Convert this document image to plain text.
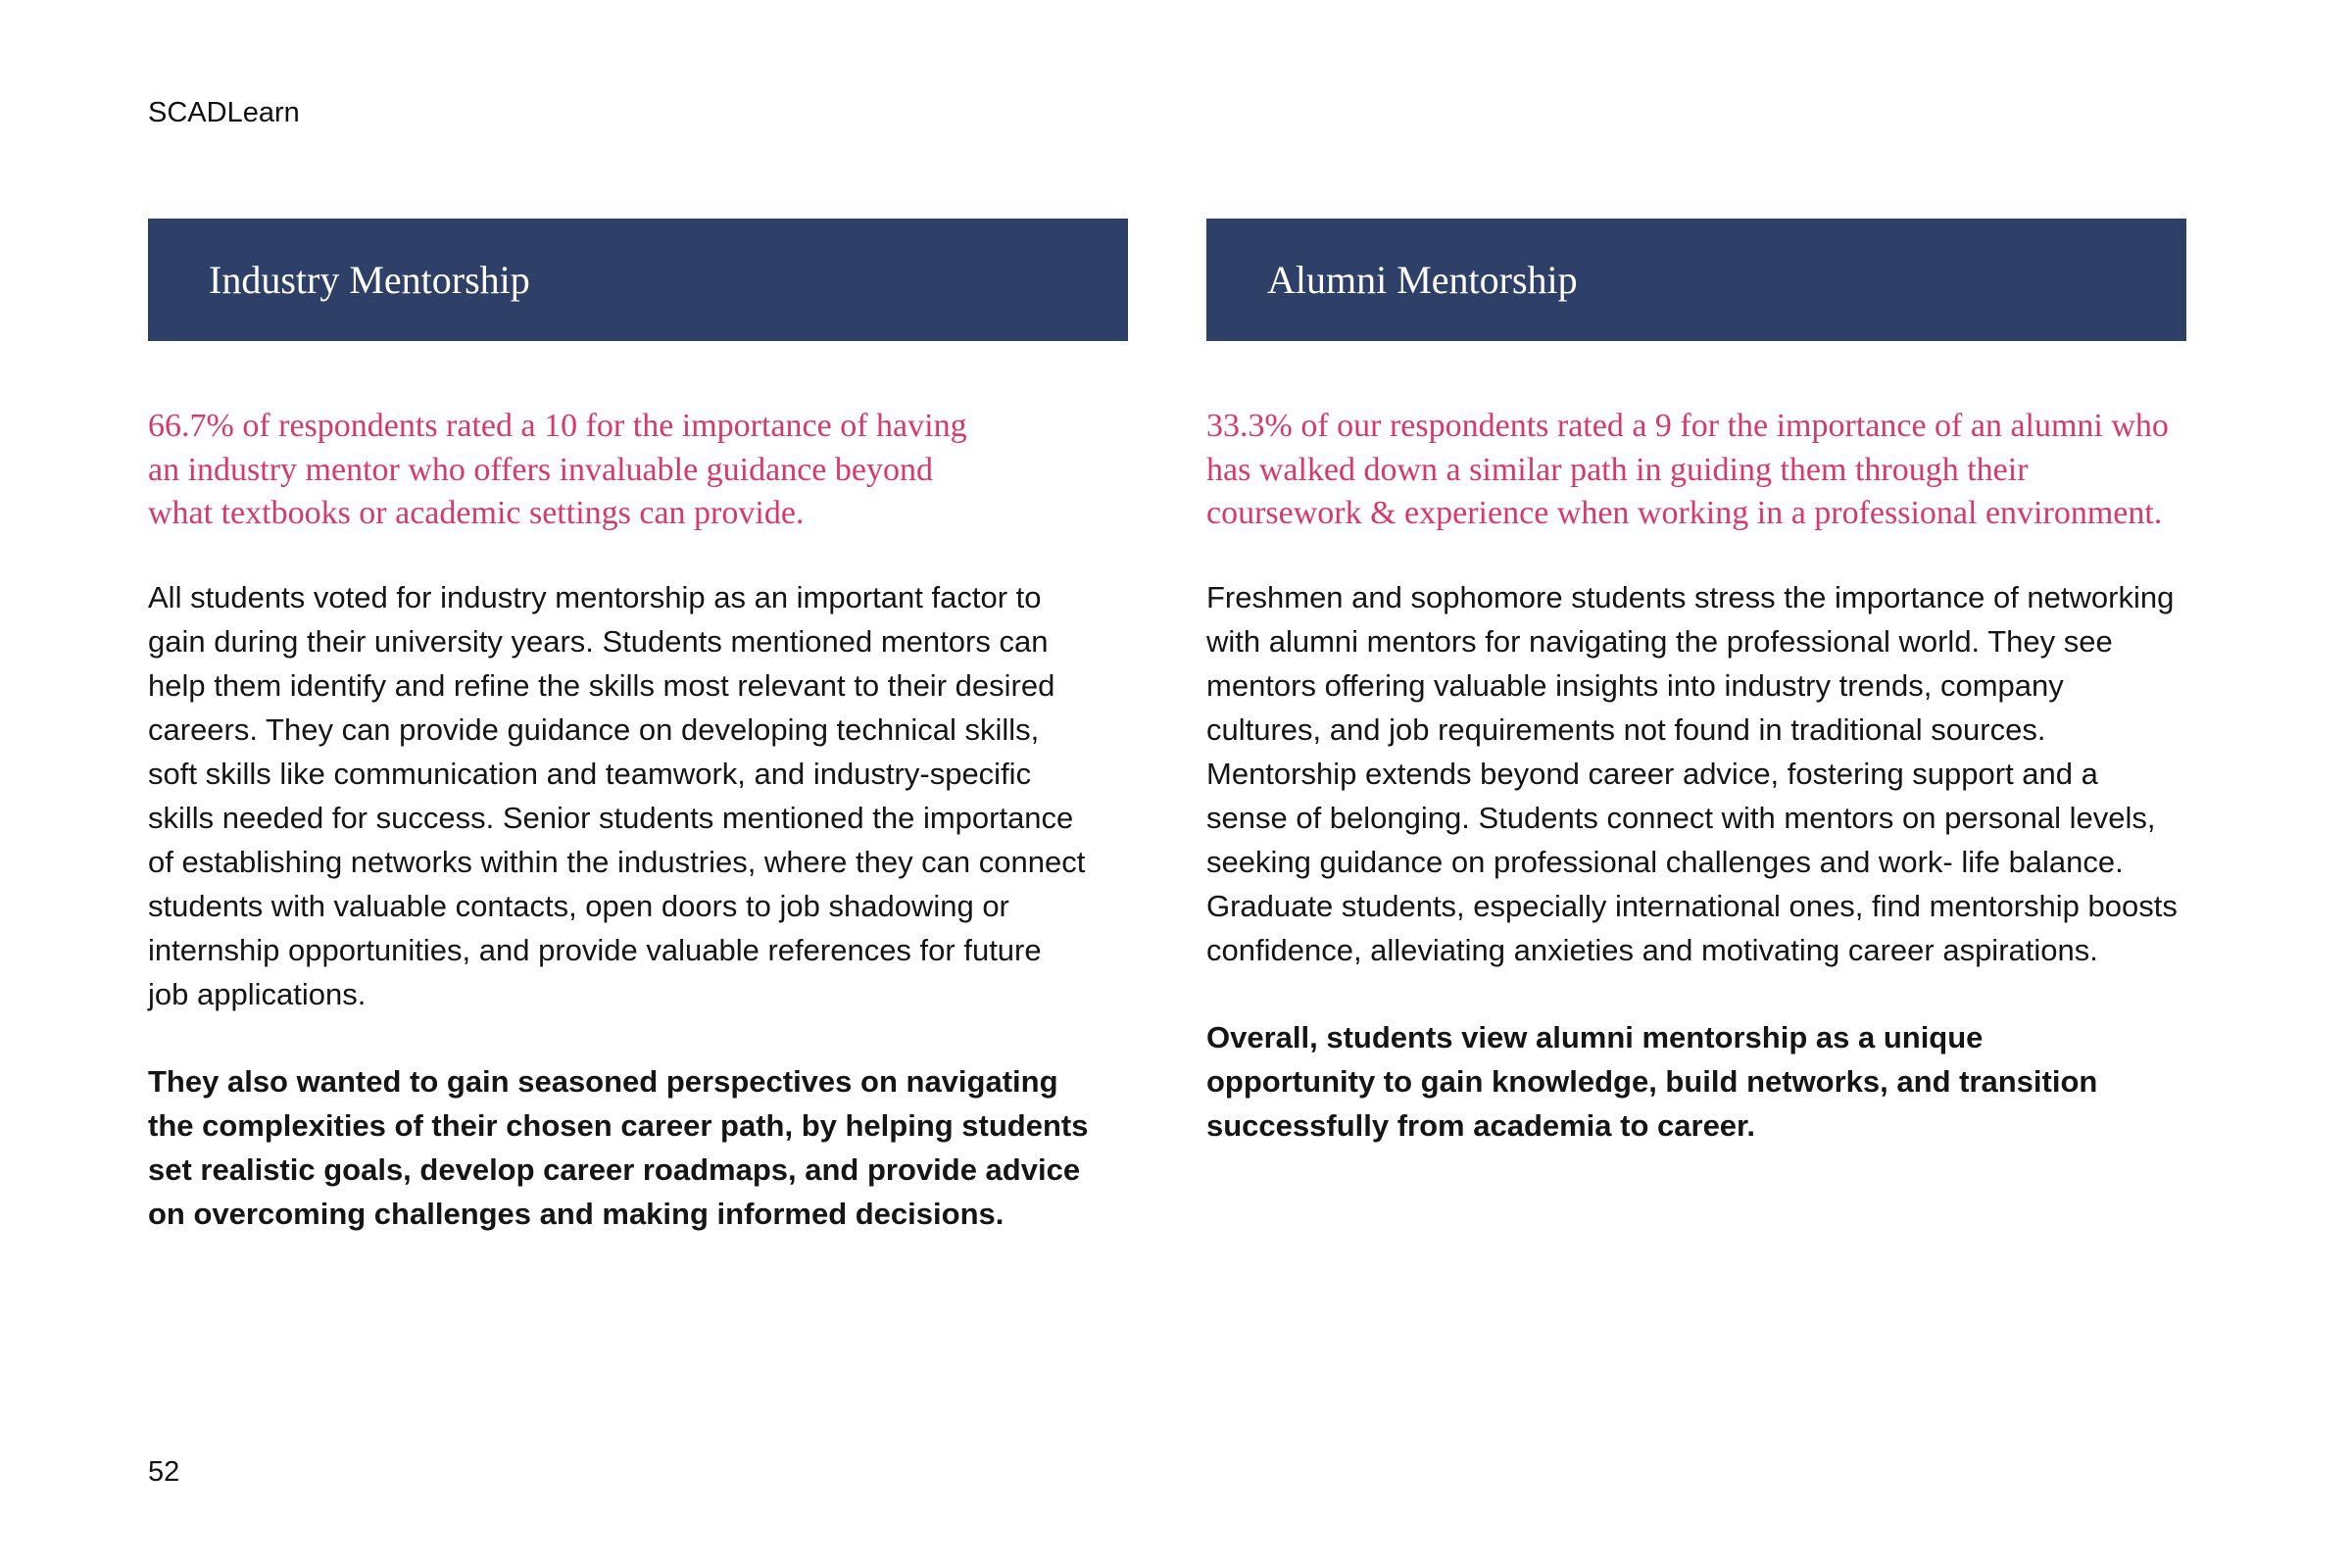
SCADLearn
Industry Mentorship

66.7% of respondents rated a 10 for the importance of having an industry mentor who offers invaluable guidance beyond what textbooks or academic settings can provide.

All students voted for industry mentorship as an important factor to gain during their university years. Students mentioned mentors can help them identify and refine the skills most relevant to their desired careers. They can provide guidance on developing technical skills, soft skills like communication and teamwork, and industry-specific skills needed for success. Senior students mentioned the importance of establishing networks within the industries, where they can connect students with valuable contacts, open doors to job shadowing or internship opportunities, and provide valuable references for future job applications.

They also wanted to gain seasoned perspectives on navigating the complexities of their chosen career path, by helping students set realistic goals, develop career roadmaps, and provide advice on overcoming challenges and making informed decisions.

Alumni Mentorship

33.3% of our respondents rated a 9 for the importance of an alumni who has walked down a similar path in guiding them through their coursework & experience when working in a professional environment.

Freshmen and sophomore students stress the importance of networking with alumni mentors for navigating the professional world. They see mentors offering valuable insights into industry trends, company cultures, and job requirements not found in traditional sources. Mentorship extends beyond career advice, fostering support and a sense of belonging. Students connect with mentors on personal levels, seeking guidance on professional challenges and work- life balance. Graduate students, especially international ones, find mentorship boosts confidence, alleviating anxieties and motivating career aspirations.

Overall, students view alumni mentorship as a unique opportunity to gain knowledge, build networks, and transition successfully from academia to career.

52
